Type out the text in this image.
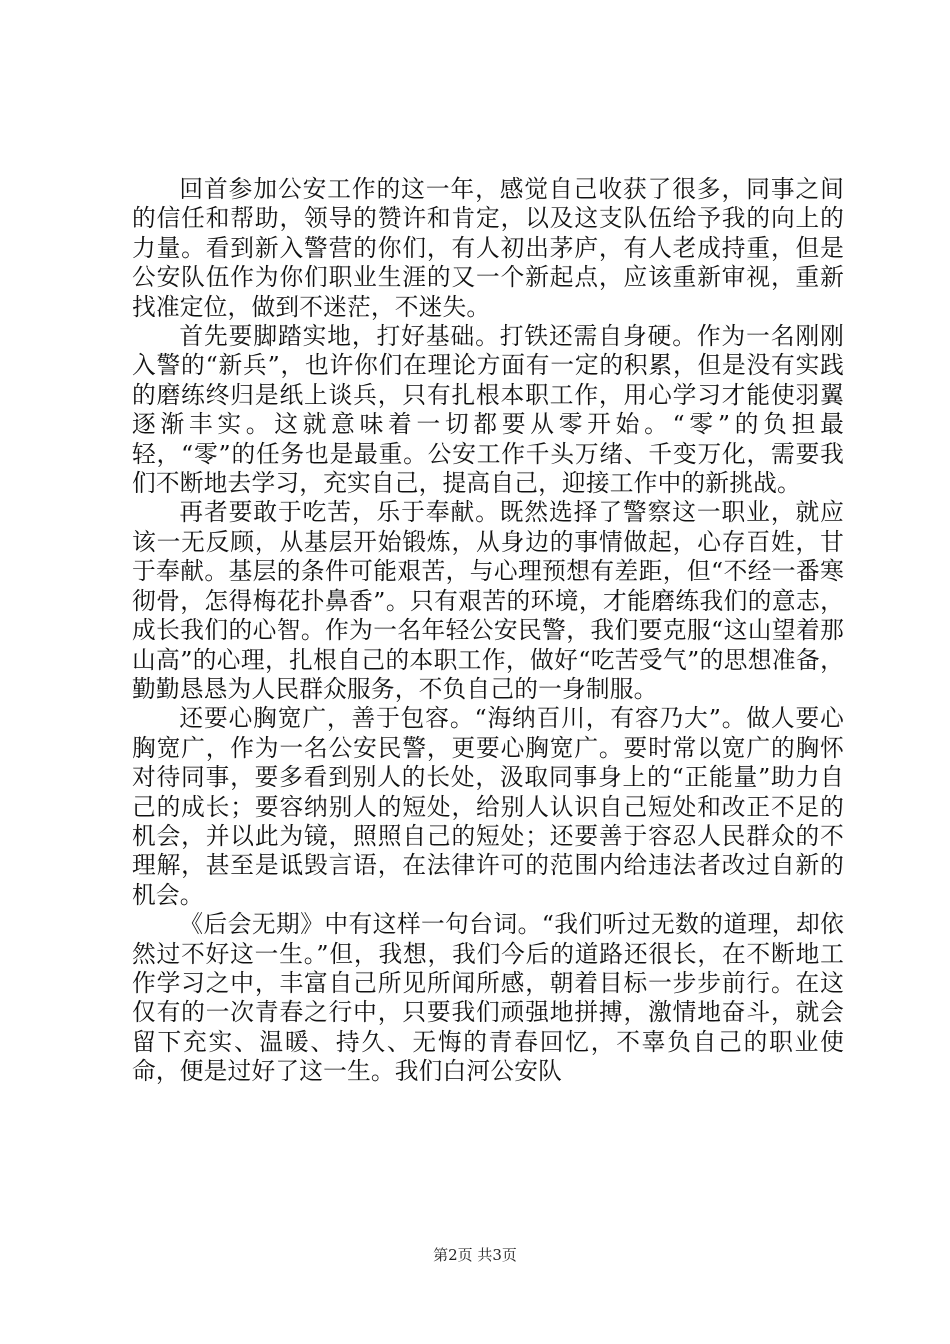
回首参加公安工作的这一年，感觉自己收获了很多，同事之间的信任和帮助，领导的赞许和肯定，以及这支队伍给予我的向上的力量。看到新入警营的你们，有人初出茅庐，有人老成持重，但是公安队伍作为你们职业生涯的又一个新起点，应该重新审视，重新找准定位，做到不迷茫，不迷失。

首先要脚踏实地，打好基础。打铁还需自身硬。作为一名刚刚入警的“新兵”，也许你们在理论方面有一定的积累，但是没有实践的磨练终归是纸上谈兵，只有扎根本职工作，用心学习才能使羽翼逐渐丰实。这就意味着一切都要从零开始。“零”的负担最轻，“零”的任务也是最重。公安工作千头万绪、千变万化，需要我们不断地去学习，充实自己，提高自己，迎接工作中的新挑战。

再者要敢于吃苦，乐于奉献。既然选择了警察这一职业，就应该一无反顾，从基层开始锻炼，从身边的事情做起，心存百姓，甘于奉献。基层的条件可能艰苦，与心理预想有差距，但“不经一番寒彻骨，怎得梅花扑鼻香”。只有艰苦的环境，才能磨练我们的意志，成长我们的心智。作为一名年轻公安民警，我们要克服“这山望着那山高”的心理，扎根自己的本职工作，做好“吃苦受气”的思想准备，勤勤恳恳为人民群众服务，不负自己的一身制服。

还要心胸宽广，善于包容。“海纳百川，有容乃大”。做人要心胸宽广，作为一名公安民警，更要心胸宽广。要时常以宽广的胸怀对待同事，要多看到别人的长处，汲取同事身上的“正能量”助力自己的成长；要容纳别人的短处，给别人认识自己短处和改正不足的机会，并以此为镜，照照自己的短处；还要善于容忍人民群众的不理解，甚至是诋毁言语，在法律许可的范围内给违法者改过自新的机会。

《后会无期》中有这样一句台词。“我们听过无数的道理，却依然过不好这一生。”但，我想，我们今后的道路还很长，在不断地工作学习之中，丰富自己所见所闻所感，朝着目标一步步前行。在这仅有的一次青春之行中，只要我们顽强地拼搏，激情地奋斗，就会留下充实、温暖、持久、无悔的青春回忆，不辜负自己的职业使命，便是过好了这一生。我们白河公安队

第2页 共3页
